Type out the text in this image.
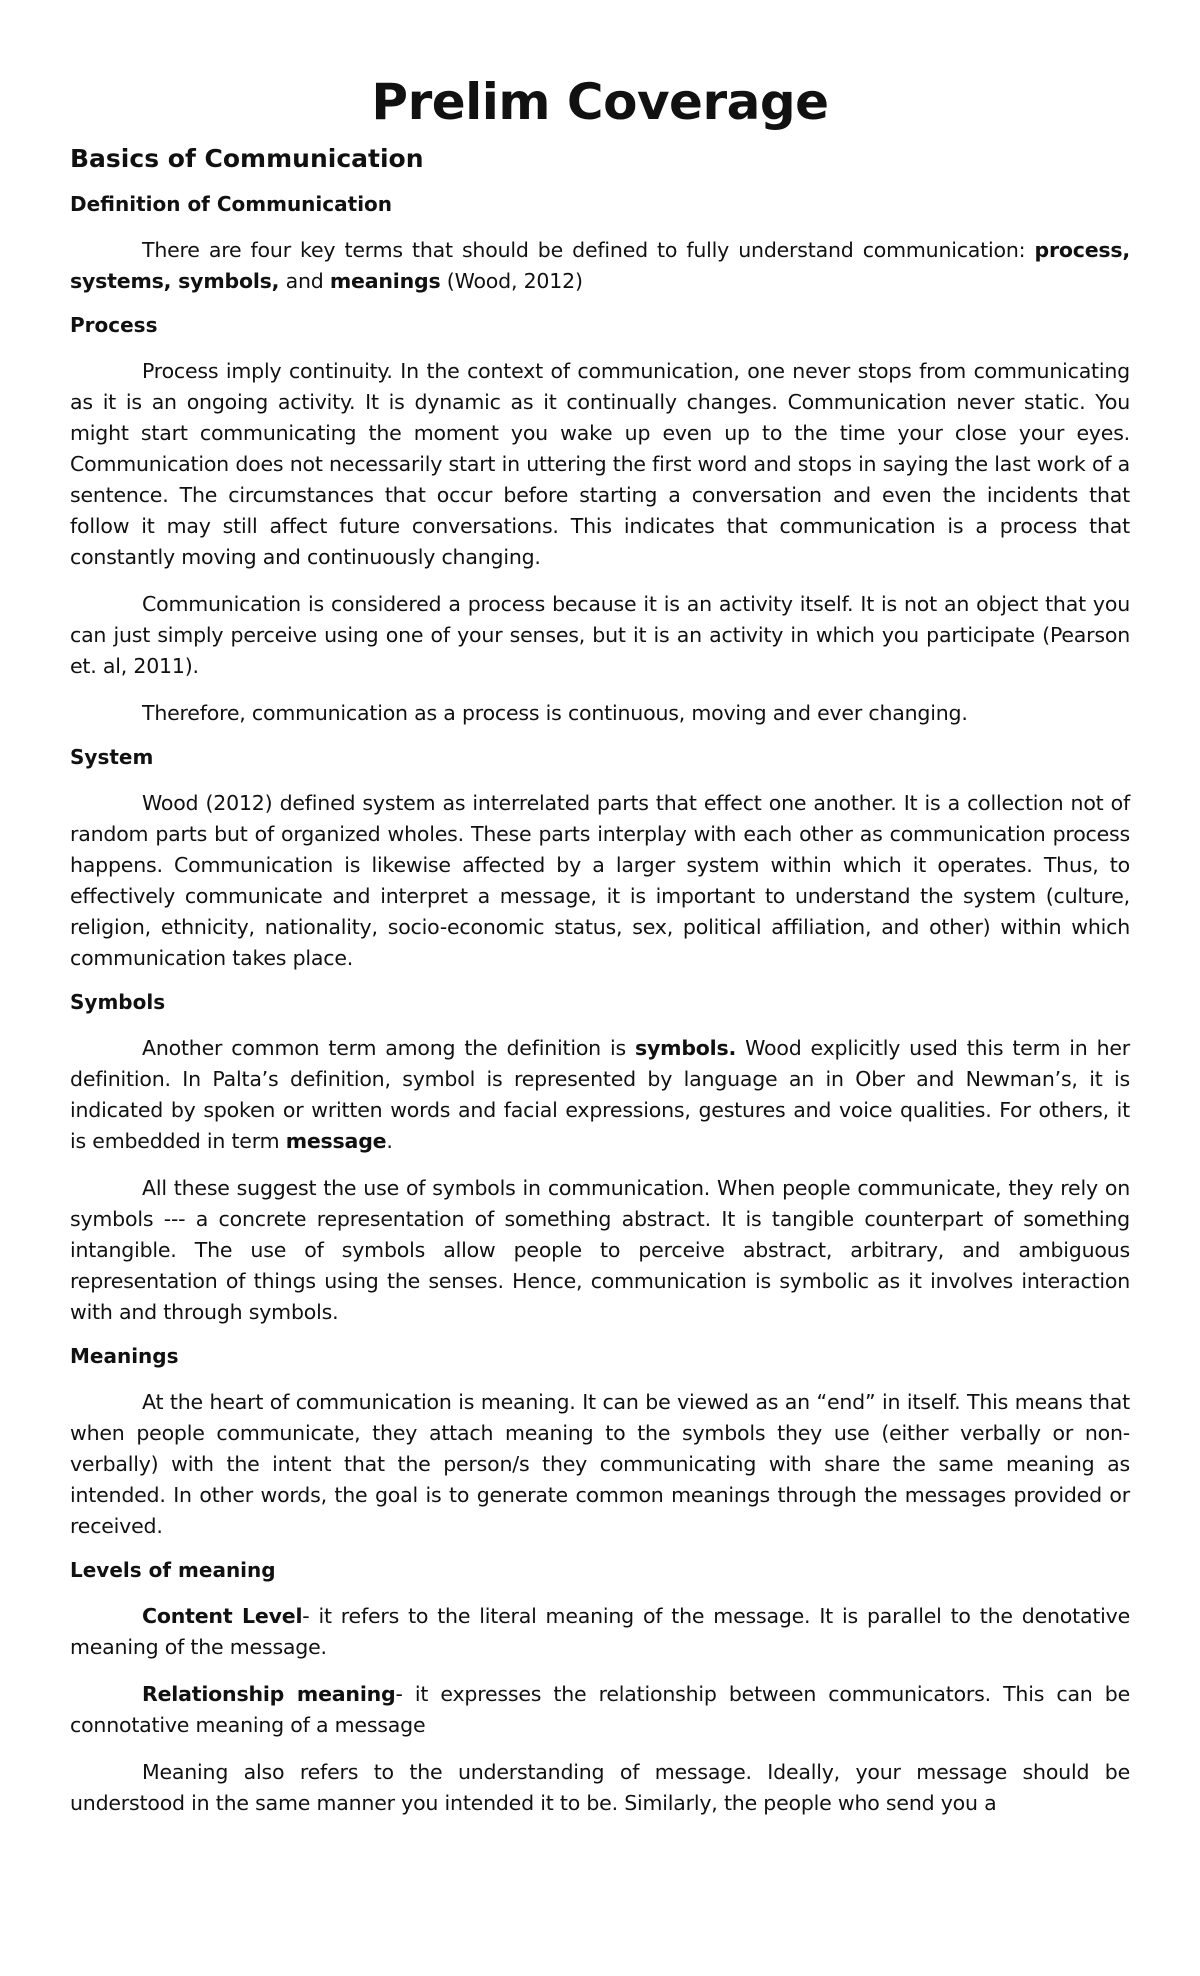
Prelim Coverage
Basics of Communication
Definition of Communication

There are four key terms that should be defined to fully understand communication: process, systems, symbols, and meanings (Wood, 2012)

Process

Process imply continuity. In the context of communication, one never stops from communicating as it is an ongoing activity. It is dynamic as it continually changes. Communication never static. You might start communicating the moment you wake up even up to the time your close your eyes. Communication does not necessarily start in uttering the first word and stops in saying the last work of a sentence. The circumstances that occur before starting a conversation and even the incidents that follow it may still affect future conversations. This indicates that communication is a process that constantly moving and continuously changing.

Communication is considered a process because it is an activity itself. It is not an object that you can just simply perceive using one of your senses, but it is an activity in which you participate (Pearson et. al, 2011).

Therefore, communication as a process is continuous, moving and ever changing.

System

Wood (2012) defined system as interrelated parts that effect one another. It is a collection not of random parts but of organized wholes. These parts interplay with each other as communication process happens. Communication is likewise affected by a larger system within which it operates. Thus, to effectively communicate and interpret a message, it is important to understand the system (culture, religion, ethnicity, nationality, socio-economic status, sex, political affiliation, and other) within which communication takes place.

Symbols

Another common term among the definition is symbols. Wood explicitly used this term in her definition. In Palta’s definition, symbol is represented by language an in Ober and Newman’s, it is indicated by spoken or written words and facial expressions, gestures and voice qualities. For others, it is embedded in term message.

All these suggest the use of symbols in communication. When people communicate, they rely on symbols --- a concrete representation of something abstract. It is tangible counterpart of something intangible. The use of symbols allow people to perceive abstract, arbitrary, and ambiguous representation of things using the senses. Hence, communication is symbolic as it involves interaction with and through symbols.

Meanings

At the heart of communication is meaning. It can be viewed as an “end” in itself. This means that when people communicate, they attach meaning to the symbols they use (either verbally or non-verbally) with the intent that the person/s they communicating with share the same meaning as intended. In other words, the goal is to generate common meanings through the messages provided or received.

Levels of meaning

Content Level- it refers to the literal meaning of the message. It is parallel to the denotative meaning of the message.

Relationship meaning- it expresses the relationship between communicators. This can be connotative meaning of a message

Meaning also refers to the understanding of message. Ideally, your message should be understood in the same manner you intended it to be. Similarly, the people who send you a
